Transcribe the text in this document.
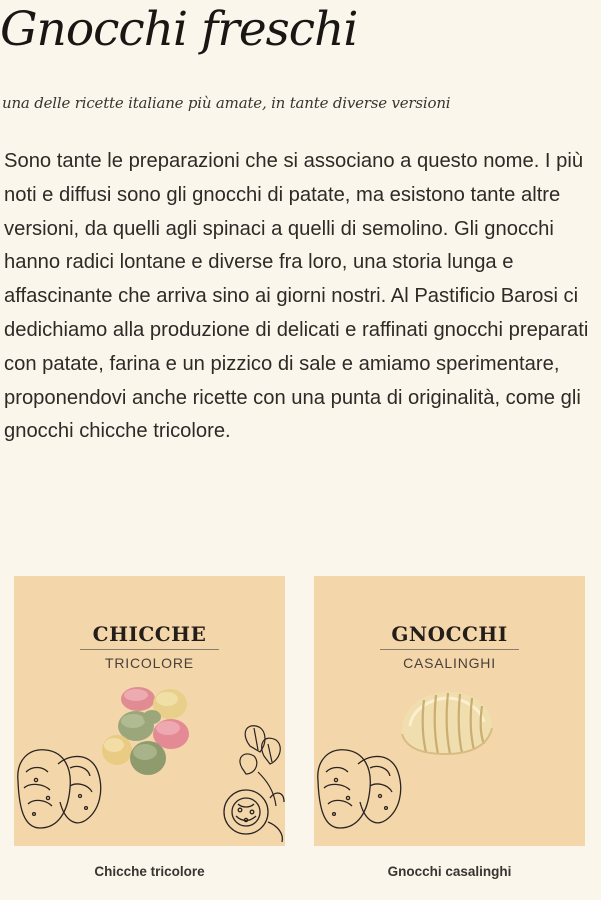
Gnocchi freschi

una delle ricette italiane più amate, in tante diverse versioni

Sono tante le preparazioni che si associano a questo nome. I più noti e diffusi sono gli gnocchi di patate, ma esistono tante altre versioni, da quelli agli spinaci a quelli di semolino. Gli gnocchi hanno radici lontane e diverse fra loro, una storia lunga e affascinante che arriva sino ai giorni nostri. Al Pastificio Barosi ci dedichiamo alla produzione di delicati e raffinati gnocchi preparati con patate, farina e un pizzico di sale e amiamo sperimentare, proponendovi anche ricette con una punta di originalità, come gli gnocchi chicche tricolore.

CHICCHE
TRICOLORE
Chicche tricolore
GNOCCHI
CASALINGHI
Gnocchi casalinghi
